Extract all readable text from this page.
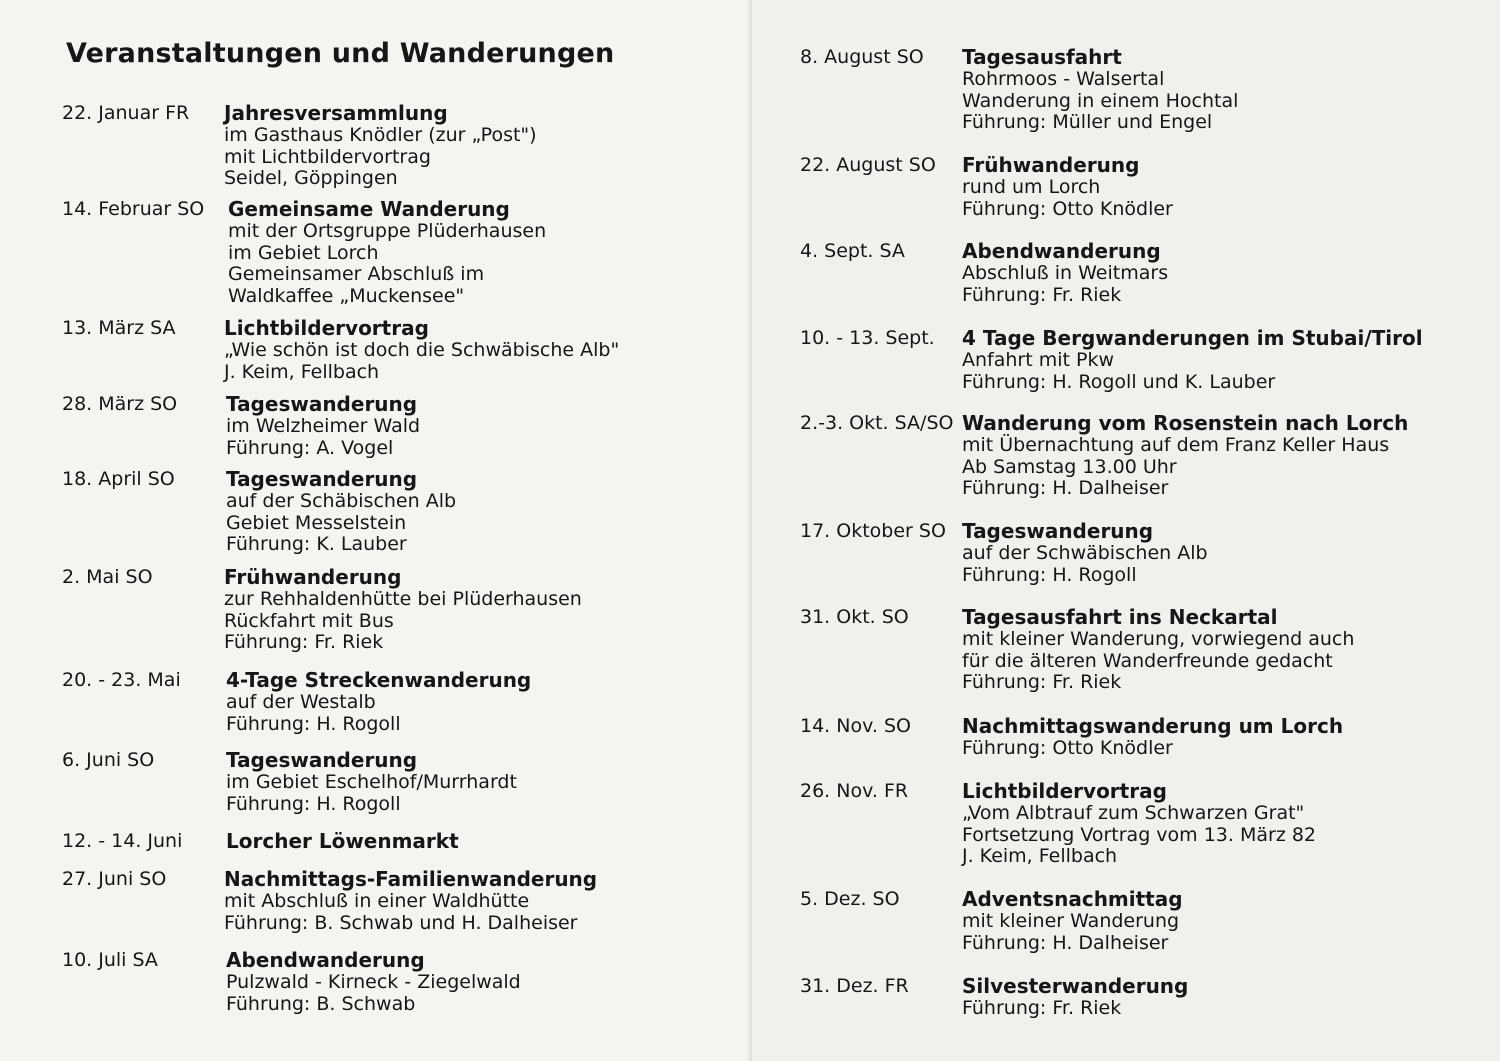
Veranstaltungen und Wanderungen
22. Januar FR Jahresversammlung
im Gasthaus Knödler (zur „Post")
mit Lichtbildervortrag
Seidel, Göppingen
14. Februar SO Gemeinsame Wanderung
mit der Ortsgruppe Plüderhausen
im Gebiet Lorch
Gemeinsamer Abschluß im
Waldkaffee „Muckensee"
13. März SA Lichtbildervortrag
„Wie schön ist doch die Schwäbische Alb"
J. Keim, Fellbach
28. März SO Tageswanderung
im Welzheimer Wald
Führung: A. Vogel
18. April SO	Tageswanderung
auf der Schäbischen Alb
Gebiet Messelstein
Führung: K. Lauber
2. Mai SO	Frühwanderung
zur Rehhaldenhütte bei Plüderhausen
Rückfahrt mit Bus
Führung: Fr. Riek
20. - 23. Mai 4-Tage Streckenwanderung
auf der Westalb
Führung: H. Rogoll
6. Juni SO	Tageswanderung
im Gebiet Eschelhof/Murrhardt
Führung: H. Rogoll
12. - 14. Juni Lorcher Löwenmarkt
27. Juni SO	Nachmittags-Familienwanderung
mit Abschluß in einer Waldhütte
Führung: B. Schwab und H. Dalheiser
10. Juli SA	Abendwanderung
Pulzwald - Kirneck - Ziegelwald
Führung: B. Schwab
8. August SO Tagesausfahrt
Rohrmoos - Walsertal
Wanderung in einem Hochtal
Führung: Müller und Engel
22. August SO Frühwanderung
rund um Lorch
Führung: Otto Knödler
4. Sept. SA	Abendwanderung
Abschluß in Weitmars
Führung: Fr. Riek
10. - 13. Sept. 4 Tage Bergwanderungen im Stubai/Tirol
Anfahrt mit Pkw
Führung: H. Rogoll und K. Lauber
2.-3. Okt. SA/SO Wanderung vom Rosenstein nach Lorch
mit Übernachtung auf dem Franz Keller Haus
Ab Samstag 13.00 Uhr
Führung: H. Dalheiser
17. Oktober SO Tageswanderung
auf der Schwäbischen Alb
Führung: H. Rogoll
31. Okt. SO	Tagesausfahrt ins Neckartal
mit kleiner Wanderung, vorwiegend auch
für die älteren Wanderfreunde gedacht
Führung: Fr. Riek
14. Nov. SO	Nachmittagswanderung um Lorch
Führung: Otto Knödler
26. Nov. FR	Lichtbildervortrag
„Vom Albtrauf zum Schwarzen Grat"
Fortsetzung Vortrag vom 13. März 82
J. Keim, Fellbach
5. Dez. SO	Adventsnachmittag
mit kleiner Wanderung
Führung: H. Dalheiser
31. Dez. FR	Silvesterwanderung
Führung: Fr. Riek
